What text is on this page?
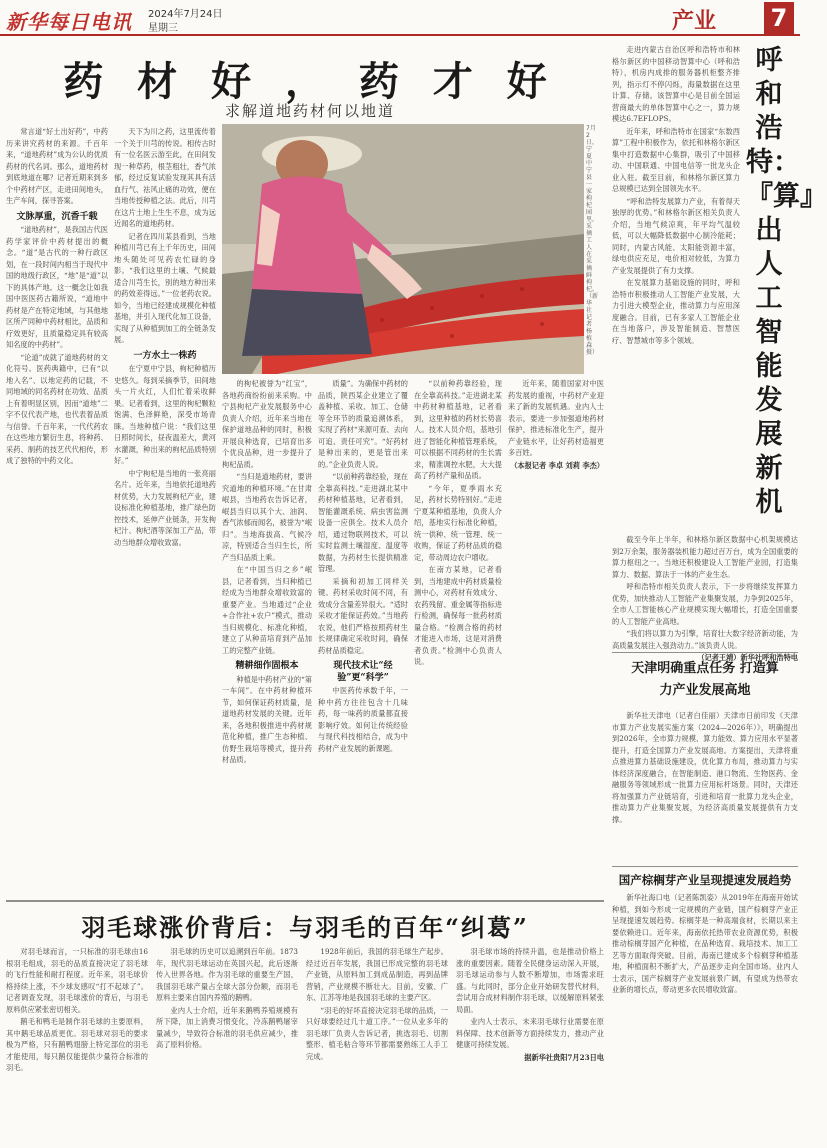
新华每日电讯 2024年7月24日
星期三	产业 7
药 材 好 ， 药 才 好
求解道地药材何以地道

常言道“好土出好药”，中药历来讲究药材的来源。千百年来，“道地药材”成为公认的优质药材的代名词。那么，道地药材到底地道在哪？记者近期来到多个中药材产区，走进田间地头，生产车间，探寻答案。

文脉厚重，沉香千载

“道地药材”，是我国古代医药学家评价中药材提出的概念。“道”是古代的一种行政区划，在一段时间内相当于现代中国的地级行政区，“地”是“道”以下的具体产地。这一概念让如我国中医医药古籍所说，“道地中药材是产在特定地域，与其他地区所产同种中药材相比，品质和疗效更好，且质量稳定具有较高知名度的中药材”。

“论道”成就了道地药材的文化符号。医药典籍中，已有“以地入名”、以地定药的记载，不同地域的同名药材在功效、品质上有着明显区别，因而“道地”二字不仅代表产地，也代表着品质与信誉。千百年来，一代代药农在这些地方繁衍生息，将种药、采药、制药的技艺代代相传，形成了独特的中药文化。

天下为川之药，这里流传着一个关于川芎的传说。相传古时有一位名医云游至此，在田间发现一种草药，根茎粗壮，香气浓郁，经过反复试验发现其具有活血行气、祛风止痛的功效，便在当地传授种植之法。此后，川芎在这片土地上生生不息，成为远近闻名的道地药材。

记者在四川某县看到，当地种植川芎已有上千年历史，田间地头随处可见药农忙碌的身影。“我们这里的土壤、气候最适合川芎生长，别的地方种出来的药效差得远。”一位老药农说。如今，当地已经建成规模化种植基地，并引入现代化加工设备，实现了从种植到加工的全链条发展。

一方水土一株药

在宁夏中宁县，枸杞种植历史悠久。每到采摘季节，田间地头一片火红，人们忙着采收鲜果。记者看到，这里的枸杞颗粒饱满、色泽鲜艳，深受市场青睐。当地种植户说：“我们这里日照时间长，昼夜温差大，黄河水灌溉，种出来的枸杞品质特别好。”

中宁枸杞是当地的一张亮丽名片。近年来，当地依托道地药材优势，大力发展枸杞产业，建设标准化种植基地，推广绿色防控技术，延伸产业链条，开发枸杞汁、枸杞酒等深加工产品，带动当地群众增收致富。

7月2日，宁夏中宁县一家枸杞园里，采摘工人在采摘鲜枸杞。（新华社记者 杨植森 摄）

的枸杞被誉为“红宝”，各地药商纷纷前来采购。中宁县枸杞产业发展服务中心负责人介绍，近年来当地在保护道地品种的同时，积极开展良种选育，已培育出多个优良品种，进一步提升了枸杞品质。

“当归是道地药材，要讲究道地的种植环境。”在甘肃岷县，当地药农告诉记者，岷县当归以其个大、油润、香气浓郁而闻名，被誉为“岷归”。当地海拔高、气候冷凉，特别适合当归生长，所产当归品质上乘。

在“中国当归之乡”岷县，记者看到，当归种植已经成为当地群众增收致富的重要产业。当地通过“企业+合作社+农户”模式，推动当归规模化、标准化种植，建立了从种苗培育到产品加工的完整产业链。

精耕细作固根本

种植是中药材产业的“第一车间”。在中药材种植环节，如何保证药材质量，是道地药材发展的关键。近年来，各地积极推进中药材规范化种植，推广生态种植、仿野生栽培等模式，提升药材品质。

质量”。为确保中药材的品质，陕西某企业建立了覆盖种植、采收、加工、仓储等全环节的质量追溯体系，实现了药材“来源可查、去向可追、责任可究”。“好药材是种出来的，更是管出来的。”企业负责人说。

“以前种药靠经验，现在全靠高科技。”走进湖北某中药材种植基地，记者看到，智能灌溉系统、病虫害监测设备一应俱全。技术人员介绍，通过物联网技术，可以实时监测土壤湿度、温度等数据，为药材生长提供精准管理。

采摘和初加工同样关键。药材采收时间不同，有效成分含量差异很大。“适时采收才能保证药效。”当地药农说，他们严格按照药材生长规律确定采收时间，确保药材品质稳定。

现代技术让“经验”更“科学”

中医药传承数千年，一种中药方往往包含十几味药，每一味药的质量都直接影响疗效。如何让传统经验与现代科技相结合，成为中药材产业发展的新课题。

“以前种药靠经验，现在全靠高科技。”走进湖北某中药材种植基地，记者看到，这里种植的药材长势喜人。技术人员介绍，基地引进了智能化种植管理系统，可以根据不同药材的生长需求，精准调控水肥，大大提高了药材产量和品质。

“今年，夏季雨水充足，药材长势特别好。”走进宁夏某种植基地，负责人介绍，基地实行标准化种植，统一供种、统一管理、统一收购，保证了药材品质的稳定，带动周边农户增收。

在南方某地，记者看到，当地建成中药材质量检测中心，对药材有效成分、农药残留、重金属等指标进行检测，确保每一批药材质量合格。“检测合格的药材才能进入市场，这是对消费者负责。”检测中心负责人说。

近年来，随着国家对中医药发展的重视，中药材产业迎来了新的发展机遇。业内人士表示，要进一步加强道地药材保护，推进标准化生产，提升产业链水平，让好药材造福更多百姓。

（本报记者 李卓 刘莉 李杰）

走进内蒙古自治区呼和浩特市和林格尔新区的中国移动智算中心（呼和浩特），机房内成排的服务器机柜整齐排列，指示灯不停闪烁，海量数据在这里计算、存储。该智算中心是目前全国运营商最大的单体智算中心之一，算力规模达6.7EFLOPS。

近年来，呼和浩特市在国家“东数西算”工程中积极作为，依托和林格尔新区集中打造数据中心集群，吸引了中国移动、中国联通、中国电信等一批龙头企业入驻。截至目前，和林格尔新区算力总规模已达到全国领先水平。

“呼和浩特发展算力产业，有着得天独厚的优势。”和林格尔新区相关负责人介绍，当地气候凉爽，年平均气温较低，可以大幅降低数据中心制冷能耗；同时，内蒙古风能、太阳能资源丰富，绿电供应充足，电价相对较低，为算力产业发展提供了有力支撑。

在发展算力基础设施的同时，呼和浩特市积极推动人工智能产业发展，大力引进大模型企业，推动算力与应用深度融合。目前，已有多家人工智能企业在当地落户，涉及智能制造、智慧医疗、智慧城市等多个领域。

呼和浩特：『算』出人工智能发展新机

截至今年上半年，和林格尔新区数据中心机架规模达到2万余架，服务器装机能力超过百万台，成为全国重要的算力枢纽之一。当地还积极建设人工智能产业园，打造集算力、数据、算法于一体的产业生态。

呼和浩特市相关负责人表示，下一步将继续发挥算力优势，加快推动人工智能产业集聚发展，力争到2025年，全市人工智能核心产业规模实现大幅增长，打造全国重要的人工智能产业高地。

“我们将以算力为引擎，培育壮大数字经济新动能，为高质量发展注入强劲动力。”该负责人说。

（记者王靖）新华社呼和浩特电

天津明确重点任务 打造算力产业发展高地

新华社天津电（记者白佳丽）天津市日前印发《天津市算力产业发展实施方案（2024—2026年）》，明确提出到2026年，全市算力规模、算力能效、算力应用水平显著提升，打造全国算力产业发展高地。方案提出，天津将重点推进算力基础设施建设，优化算力布局，推动算力与实体经济深度融合，在智能制造、港口物流、生物医药、金融服务等领域形成一批算力应用标杆场景。同时，天津还将加强算力产业链培育，引进和培育一批算力龙头企业，推动算力产业集聚发展，为经济高质量发展提供有力支撑。

国产棕榈芽产业呈现提速发展趋势

新华社海口电（记者陈凯姿）从2019年在海南开始试种植，到如今形成一定规模的产业链，国产棕榈芽产业正呈现提速发展趋势。棕榈芽是一种高端食材，长期以来主要依赖进口。近年来，海南依托热带农业资源优势，积极推动棕榈芽国产化种植，在品种选育、栽培技术、加工工艺等方面取得突破。目前，海南已建成多个棕榈芽种植基地，种植面积不断扩大，产品逐步走向全国市场。业内人士表示，国产棕榈芽产业发展前景广阔，有望成为热带农业新的增长点，带动更多农民增收致富。

羽毛球涨价背后：与羽毛的百年“纠葛”

对羽毛球而言，一只标准的羽毛球由16根羽毛组成，羽毛的品质直接决定了羽毛球的飞行性能和耐打程度。近年来，羽毛球价格持续上涨，不少球友感叹“打不起球了”。记者调查发现，羽毛球涨价的背后，与羽毛原料供应紧张密切相关。

鹅毛和鸭毛是制作羽毛球的主要原料，其中鹅毛球品质更优。羽毛球对羽毛的要求极为严格，只有鹅鸭翅膀上特定部位的羽毛才能使用，每只鹅仅能提供少量符合标准的羽毛。

羽毛球的历史可以追溯到百年前。1873年，现代羽毛球运动在英国兴起，此后逐渐传入世界各地。作为羽毛球的重要生产国，我国羽毛球产量占全球大部分份额，而羽毛原料主要来自国内养殖的鹅鸭。

业内人士介绍，近年来鹅鸭养殖规模有所下降，加上消费习惯变化，冷冻鹅鸭屠宰量减少，导致符合标准的羽毛供应减少，推高了原料价格。

1928年前后，我国的羽毛球生产起步。经过近百年发展，我国已形成完整的羽毛球产业链，从原料加工到成品制造，再到品牌营销，产业规模不断壮大。目前，安徽、广东、江苏等地是我国羽毛球的主要产区。

“羽毛的好坏直接决定羽毛球的品质，一只好球要经过几十道工序。”一位从业多年的羽毛球厂负责人告诉记者，挑选羽毛、切割整形、植毛粘合等环节都需要熟练工人手工完成。

羽毛球市场的持续升温，也是推动价格上涨的重要因素。随着全民健身运动深入开展，羽毛球运动参与人数不断增加，市场需求旺盛。与此同时，部分企业开始研发替代材料，尝试用合成材料制作羽毛球，以缓解原料紧张局面。

业内人士表示，未来羽毛球行业需要在原料保障、技术创新等方面持续发力，推动产业健康可持续发展。

据新华社贵阳7月23日电
